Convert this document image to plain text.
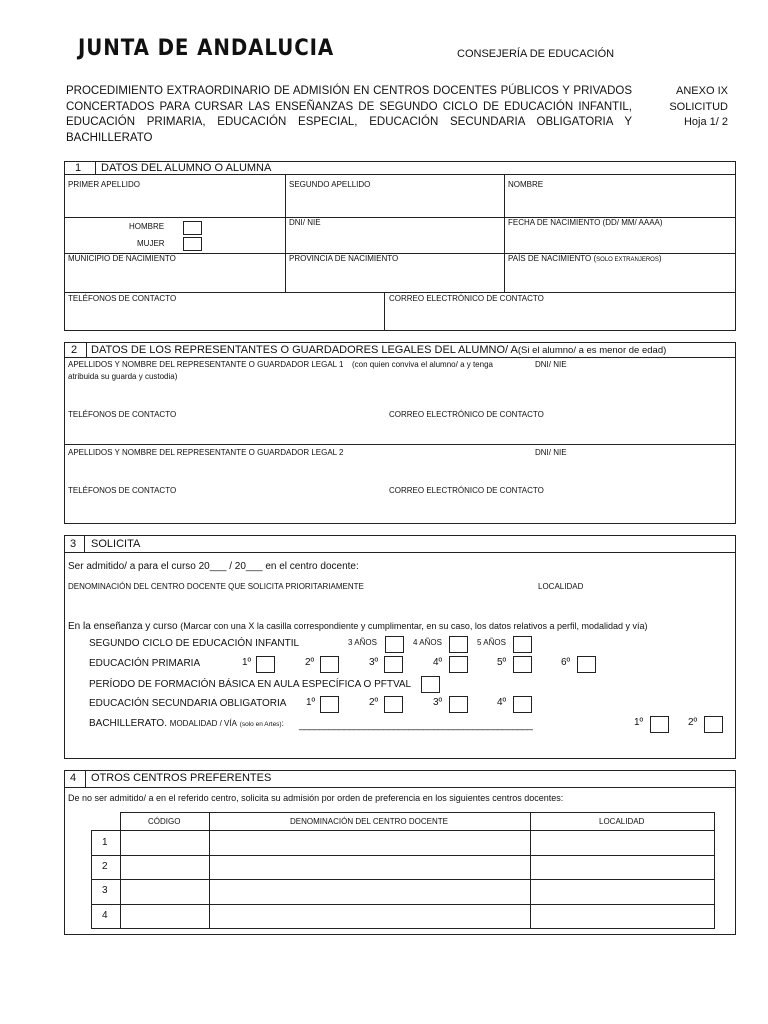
JUNTA DE ANDALUCIA	CONSEJERÍA DE EDUCACIÓN
PROCEDIMIENTO EXTRAORDINARIO DE ADMISIÓN EN CENTROS DOCENTES PÚBLICOS Y PRIVADOS CONCERTADOS PARA CURSAR LAS ENSEÑANZAS DE SEGUNDO CICLO DE EDUCACIÓN INFANTIL, EDUCACIÓN PRIMARIA, EDUCACIÓN ESPECIAL, EDUCACIÓN SECUNDARIA OBLIGATORIA Y BACHILLERATO
ANEXO IX
SOLICITUD
Hoja 1/ 2
1 DATOS DEL ALUMNO O ALUMNA
PRIMER APELLIDO	SEGUNDO APELLIDO	NOMBRE
HOMBRE
MUJER
DNI/ NIE	FECHA DE NACIMIENTO (DD/ MM/ AAAA)
MUNICIPIO DE NACIMIENTO	PROVINCIA DE NACIMIENTO	PAÍS DE NACIMIENTO (SOLO EXTRANJEROS)
TELÉFONOS DE CONTACTO	CORREO ELECTRÓNICO DE CONTACTO
2 DATOS DE LOS REPRESENTANTES O GUARDADORES LEGALES DEL ALUMNO/ A(Si el alumno/ a es menor de edad)
APELLIDOS Y NOMBRE DEL REPRESENTANTE O GUARDADOR LEGAL 1 (con quien conviva el alumno/ a y tenga
atribuida su guarda y custodia)
DNI/ NIE
TELÉFONOS DE CONTACTO	CORREO ELECTRÓNICO DE CONTACTO
APELLIDOS Y NOMBRE DEL REPRESENTANTE O GUARDADOR LEGAL 2	DNI/ NIE
TELÉFONOS DE CONTACTO	CORREO ELECTRÓNICO DE CONTACTO
3 SOLICITA
Ser admitido/ a para el curso 20___ / 20___ en el centro docente:
DENOMINACIÓN DEL CENTRO DOCENTE QUE SOLICITA PRIORITARIAMENTE	LOCALIDAD
En la enseñanza y curso (Marcar con una X la casilla correspondiente y cumplimentar, en su caso, los datos relativos a perfil, modalidad y vía)
SEGUNDO CICLO DE EDUCACIÓN INFANTIL	3 AÑOS	4 AÑOS	5 AÑOS
EDUCACIÓN PRIMARIA	1º	2º	3º	4º	5º	6º
PERÍODO DE FORMACIÓN BÁSICA EN AULA ESPECÍFICA O PFTVAL
EDUCACIÓN SECUNDARIA OBLIGATORIA 1º	2º	3º	4º
BACHILLERATO. MODALIDAD / VÍA (solo en Artes): _______________________________________________	1º	2º
4 OTROS CENTROS PREFERENTES
De no ser admitido/ a en el referido centro, solicita su admisión por orden de preferencia en los siguientes centros docentes:
CÓDIGO	DENOMINACIÓN DEL CENTRO DOCENTE	LOCALIDAD
1
2
3
4
